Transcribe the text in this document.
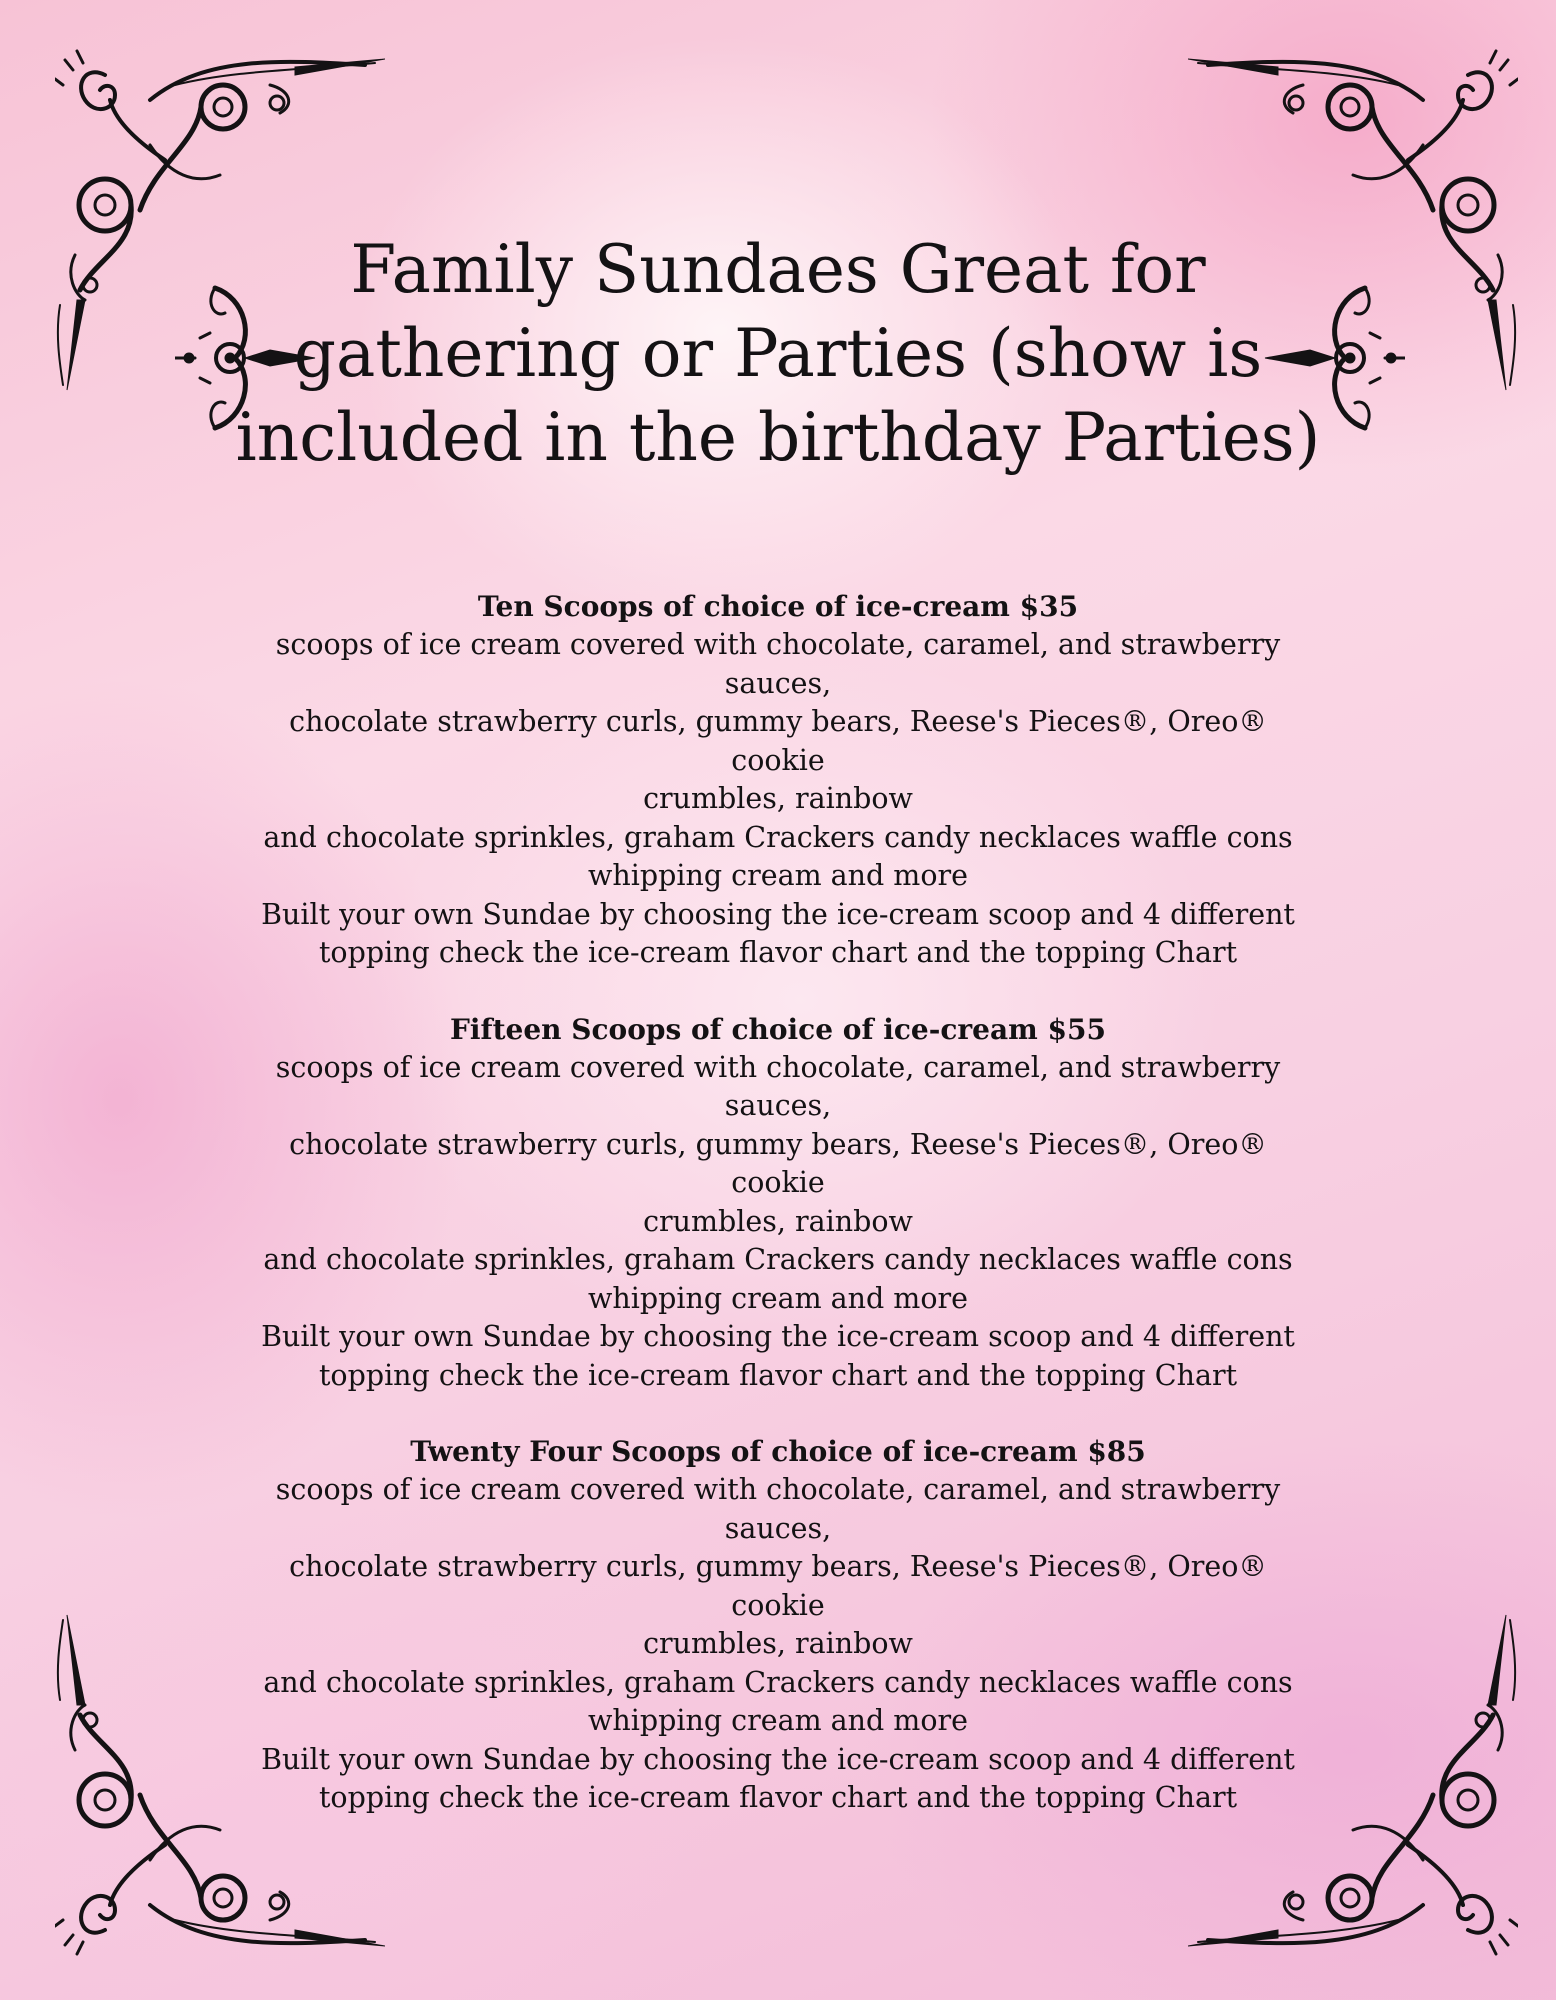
Family Sundaes Great for
gathering or Parties (show is
included in the birthday Parties)
Ten Scoops of choice of ice-cream $35
scoops of ice cream covered with chocolate, caramel, and strawberry
sauces,
chocolate strawberry curls, gummy bears, Reese's Pieces®, Oreo® cookie
crumbles, rainbow
and chocolate sprinkles, graham Crackers candy necklaces waffle cons
whipping cream and more
Built your own Sundae by choosing the ice-cream scoop and 4 different
topping check the ice-cream flavor chart and the topping Chart
Fifteen Scoops of choice of ice-cream $55
scoops of ice cream covered with chocolate, caramel, and strawberry
sauces,
chocolate strawberry curls, gummy bears, Reese's Pieces®, Oreo® cookie
crumbles, rainbow
and chocolate sprinkles, graham Crackers candy necklaces waffle cons
whipping cream and more
Built your own Sundae by choosing the ice-cream scoop and 4 different
topping check the ice-cream flavor chart and the topping Chart
Twenty Four Scoops of choice of ice-cream $85
scoops of ice cream covered with chocolate, caramel, and strawberry
sauces,
chocolate strawberry curls, gummy bears, Reese's Pieces®, Oreo® cookie
crumbles, rainbow
and chocolate sprinkles, graham Crackers candy necklaces waffle cons
whipping cream and more
Built your own Sundae by choosing the ice-cream scoop and 4 different
topping check the ice-cream flavor chart and the topping Chart
